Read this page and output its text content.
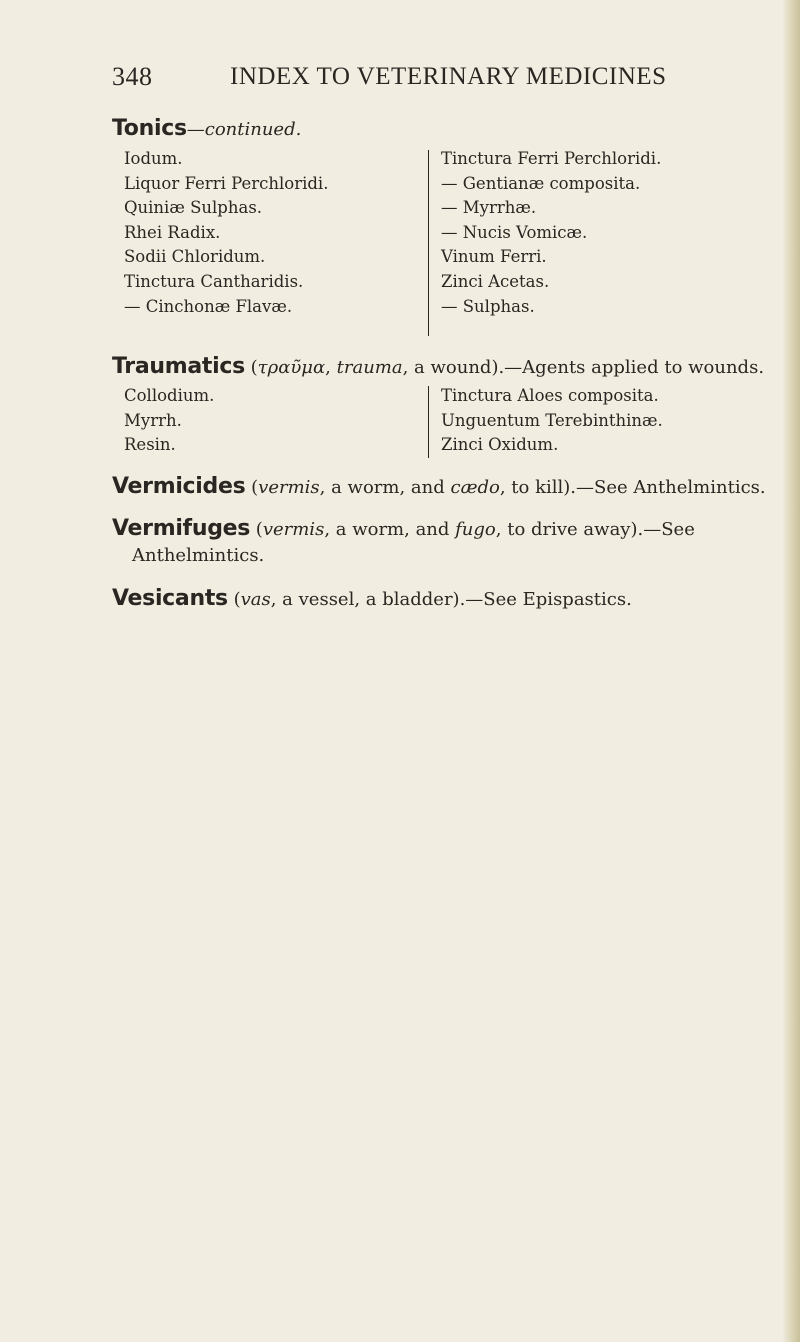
348	INDEX TO VETERINARY MEDICINES
Tonics—continued.
Iodum.
Liquor Ferri Perchloridi.
Quiniæ Sulphas.
Rhei Radix.
Sodii Chloridum.
Tinctura Cantharidis.
— Cinchonæ Flavæ.
Tinctura Ferri Perchloridi.
— Gentianæ composita.
— Myrrhæ.
— Nucis Vomicæ.
Vinum Ferri.
Zinci Acetas.
— Sulphas.
Traumatics (τραῦμα, trauma, a wound).—Agents applied to wounds.
Collodium.
Myrrh.
Resin.
Tinctura Aloes composita.
Unguentum Terebinthinæ.
Zinci Oxidum.
Vermicides (vermis, a worm, and cædo, to kill).—See Anthelmintics.
Vermifuges (vermis, a worm, and fugo, to drive away).—See
Anthelmintics.
Vesicants (vas, a vessel, a bladder).—See Epispastics.
